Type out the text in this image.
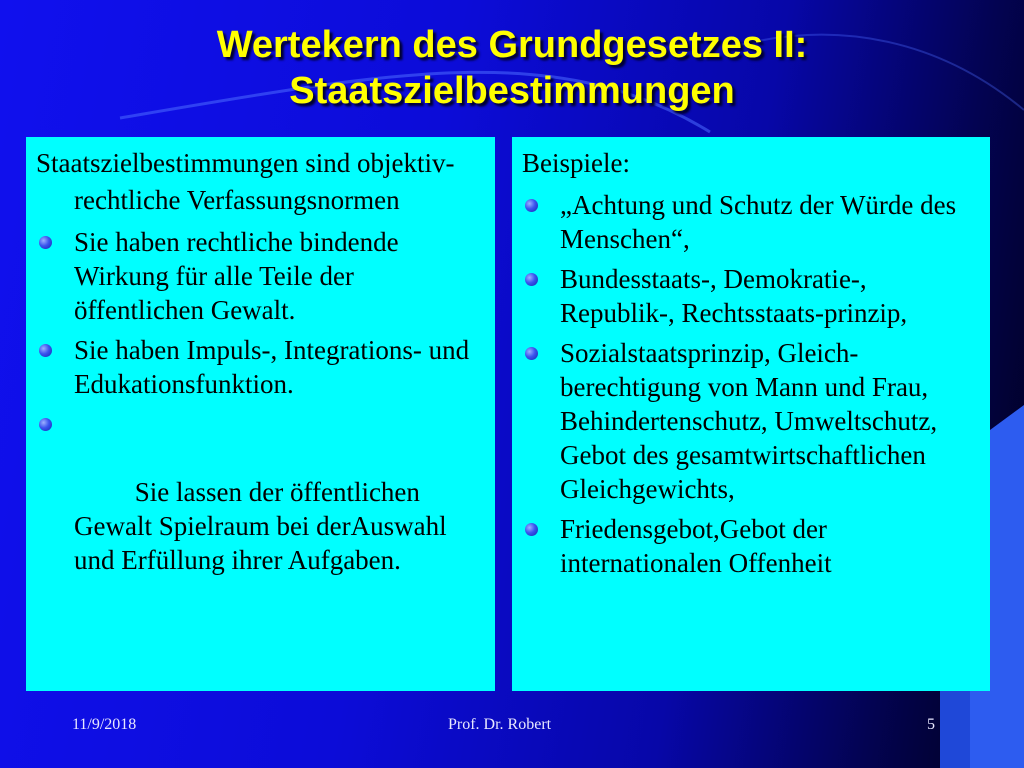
Wertekern des Grundgesetzes II:
Staatszielbestimmungen
Staatszielbestimmungen sind objektiv-rechtliche Verfassungsnormen
Sie haben rechtliche bindende Wirkung für alle Teile der öffentlichen Gewalt.
Sie haben Impuls-, Integrations- und Edukationsfunktion.

Sie lassen der öffentlichen Gewalt Spielraum bei derAuswahl und Erfüllung ihrer Aufgaben.

Beispiele:
„Achtung und Schutz der Würde des Menschen“,
Bundesstaats-, Demokratie-, Republik-, Rechtsstaats-prinzip,
Sozialstaatsprinzip, Gleich-berechtigung von Mann und Frau, Behindertenschutz, Umweltschutz, Gebot des gesamtwirtschaftlichen Gleichgewichts,
Friedensgebot,Gebot der internationalen Offenheit
11/9/2018	Prof. Dr. Robert	5
